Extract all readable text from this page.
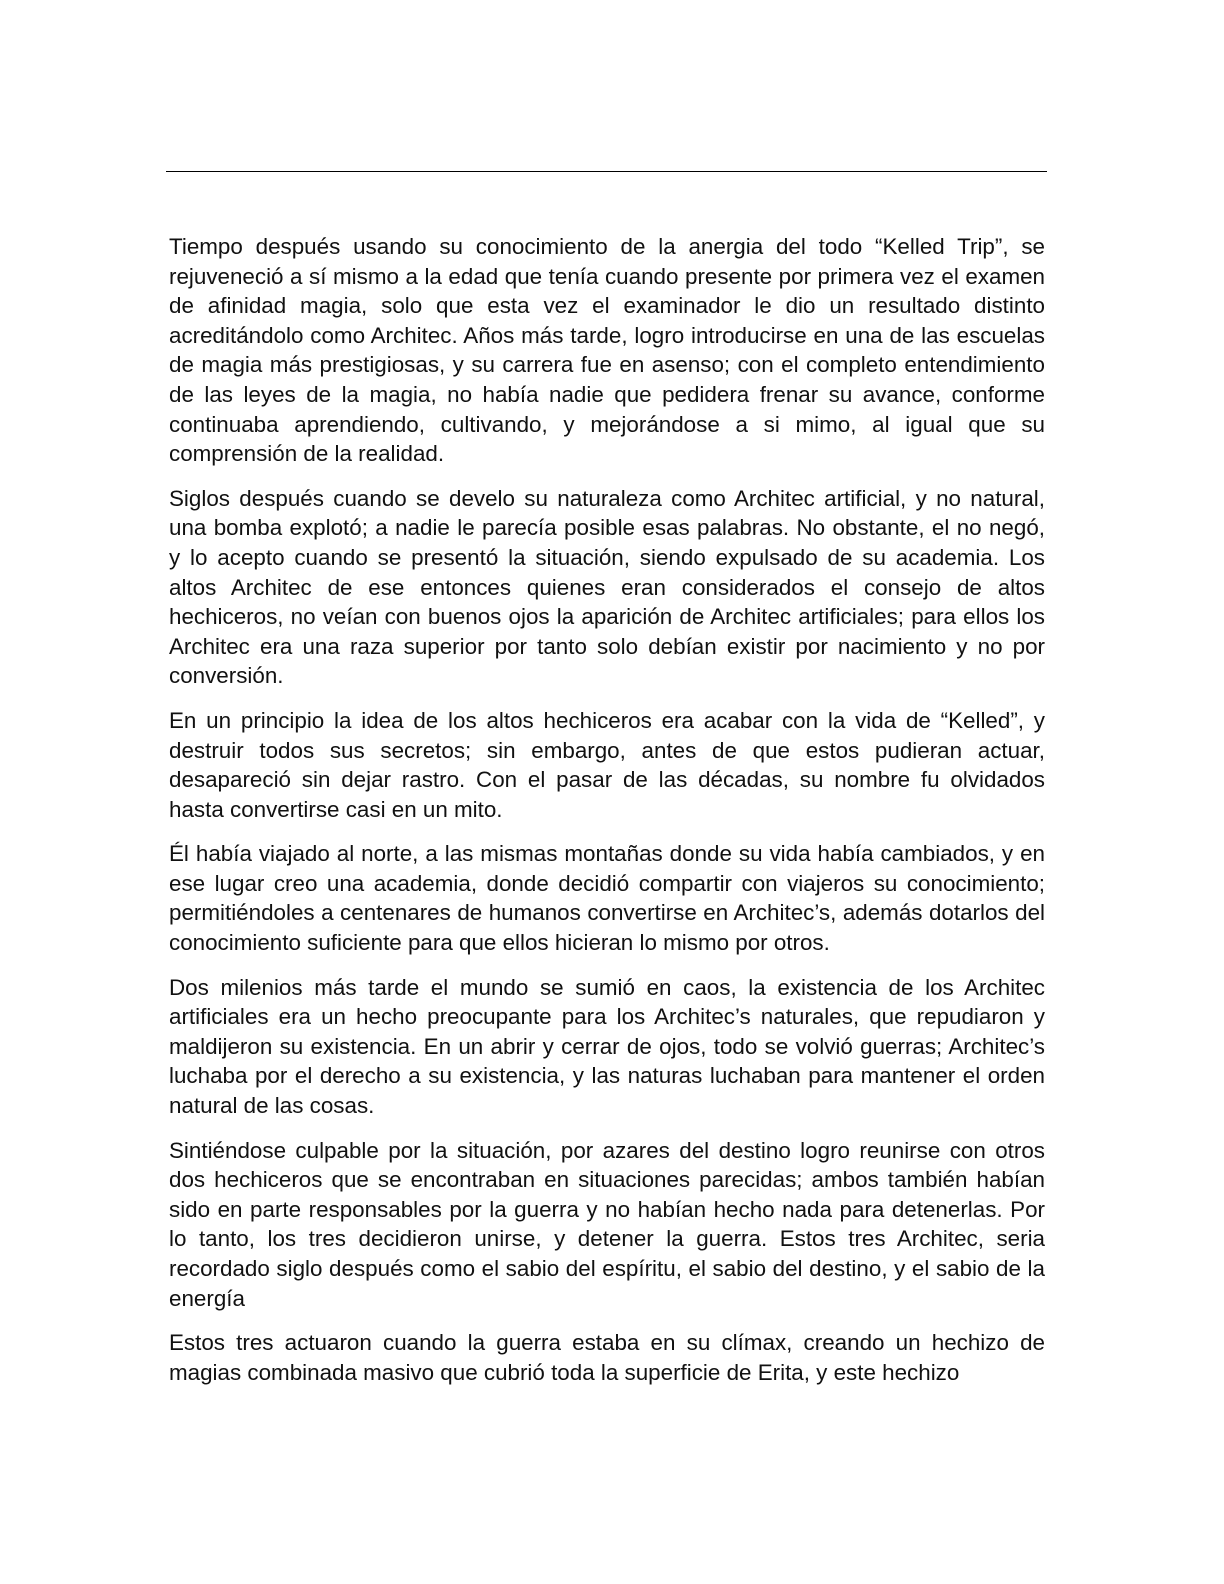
Tiempo después usando su conocimiento de la anergia del todo “Kelled Trip”, se rejuveneció a sí mismo a la edad que tenía cuando presente por primera vez el examen de afinidad magia, solo que esta vez el examinador le dio un resultado distinto acreditándolo como Architec. Años más tarde, logro introducirse en una de las escuelas de magia más prestigiosas, y su carrera fue en asenso; con el completo entendimiento de las leyes de la magia, no había nadie que pedidera frenar su avance, conforme continuaba aprendiendo, cultivando, y mejorándose a si mimo, al igual que su comprensión de la realidad.

Siglos después cuando se develo su naturaleza como Architec artificial, y no natural, una bomba explotó; a nadie le parecía posible esas palabras. No obstante, el no negó, y lo acepto cuando se presentó la situación, siendo expulsado de su academia. Los altos Architec de ese entonces quienes eran considerados el consejo de altos hechiceros, no veían con buenos ojos la aparición de Architec artificiales; para ellos los Architec era una raza superior por tanto solo debían existir por nacimiento y no por conversión.

En un principio la idea de los altos hechiceros era acabar con la vida de “Kelled”, y destruir todos sus secretos; sin embargo, antes de que estos pudieran actuar, desapareció sin dejar rastro. Con el pasar de las décadas, su nombre fu olvidados hasta convertirse casi en un mito.

Él había viajado al norte, a las mismas montañas donde su vida había cambiados, y en ese lugar creo una academia, donde decidió compartir con viajeros su conocimiento; permitiéndoles a centenares de humanos convertirse en Architec’s, además dotarlos del conocimiento suficiente para que ellos hicieran lo mismo por otros.

Dos milenios más tarde el mundo se sumió en caos, la existencia de los Architec artificiales era un hecho preocupante para los Architec’s naturales, que repudiaron y maldijeron su existencia. En un abrir y cerrar de ojos, todo se volvió guerras; Architec’s luchaba por el derecho a su existencia, y las naturas luchaban para mantener el orden natural de las cosas.

Sintiéndose culpable por la situación, por azares del destino logro reunirse con otros dos hechiceros que se encontraban en situaciones parecidas; ambos también habían sido en parte responsables por la guerra y no habían hecho nada para detenerlas. Por lo tanto, los tres decidieron unirse, y detener la guerra. Estos tres Architec, seria recordado siglo después como el sabio del espíritu, el sabio del destino, y el sabio de la energía

Estos tres actuaron cuando la guerra estaba en su clímax, creando un hechizo de magias combinada masivo que cubrió toda la superficie de Erita, y este hechizo
